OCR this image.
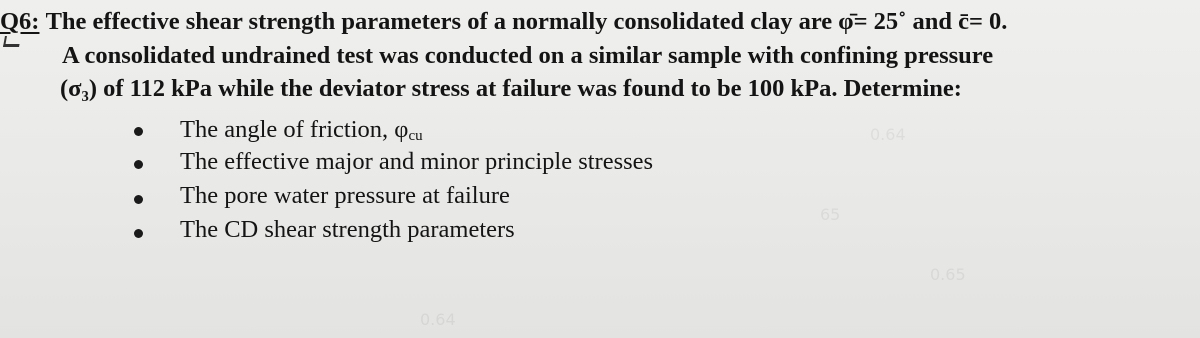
Q6: The effective shear strength parameters of a normally consolidated clay are φ̄= 25˚ and c̄= 0.
A consolidated undrained test was conducted on a similar sample with confining pressure
(σ₃) of 112 kPa while the deviator stress at failure was found to be 100 kPa. Determine:
The angle of friction, $\varphi_{cu}$
The effective major and minor principle stresses
The pore water pressure at failure
The CD shear strength parameters
0.64
65
0.65
0.64
